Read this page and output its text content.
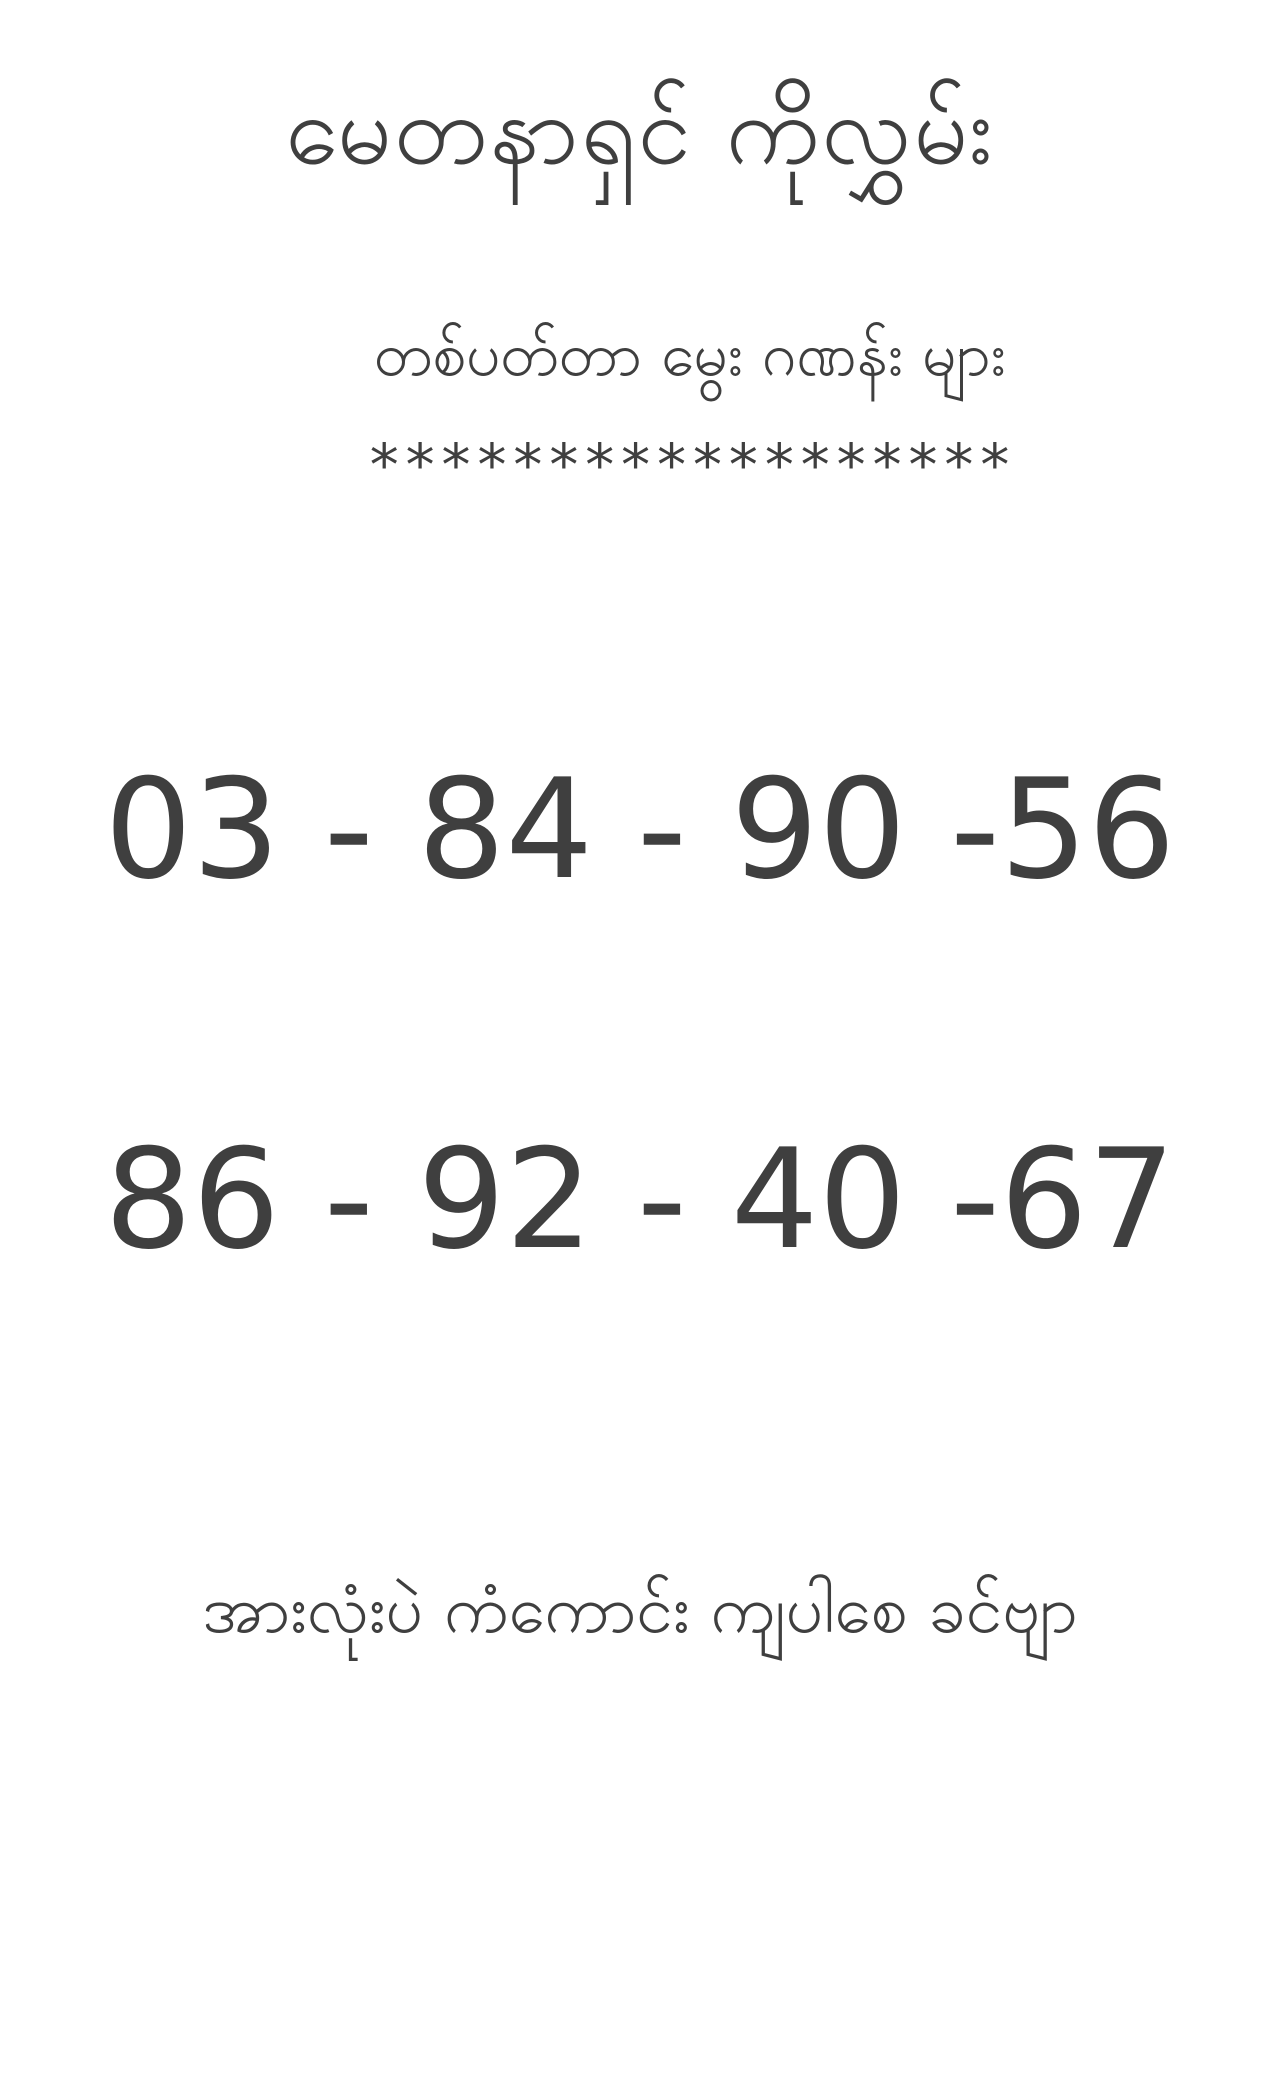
မေတနာရှင် ကိုလွှမ်း
တစ်ပတ်တာ မွေး ဂဏန်း များ
******************
03 - 84 - 90 -56
86 - 92 - 40 -67
အားလုံးပဲ ကံကောင်း ကျပါစေ ခင်ဗျာ
